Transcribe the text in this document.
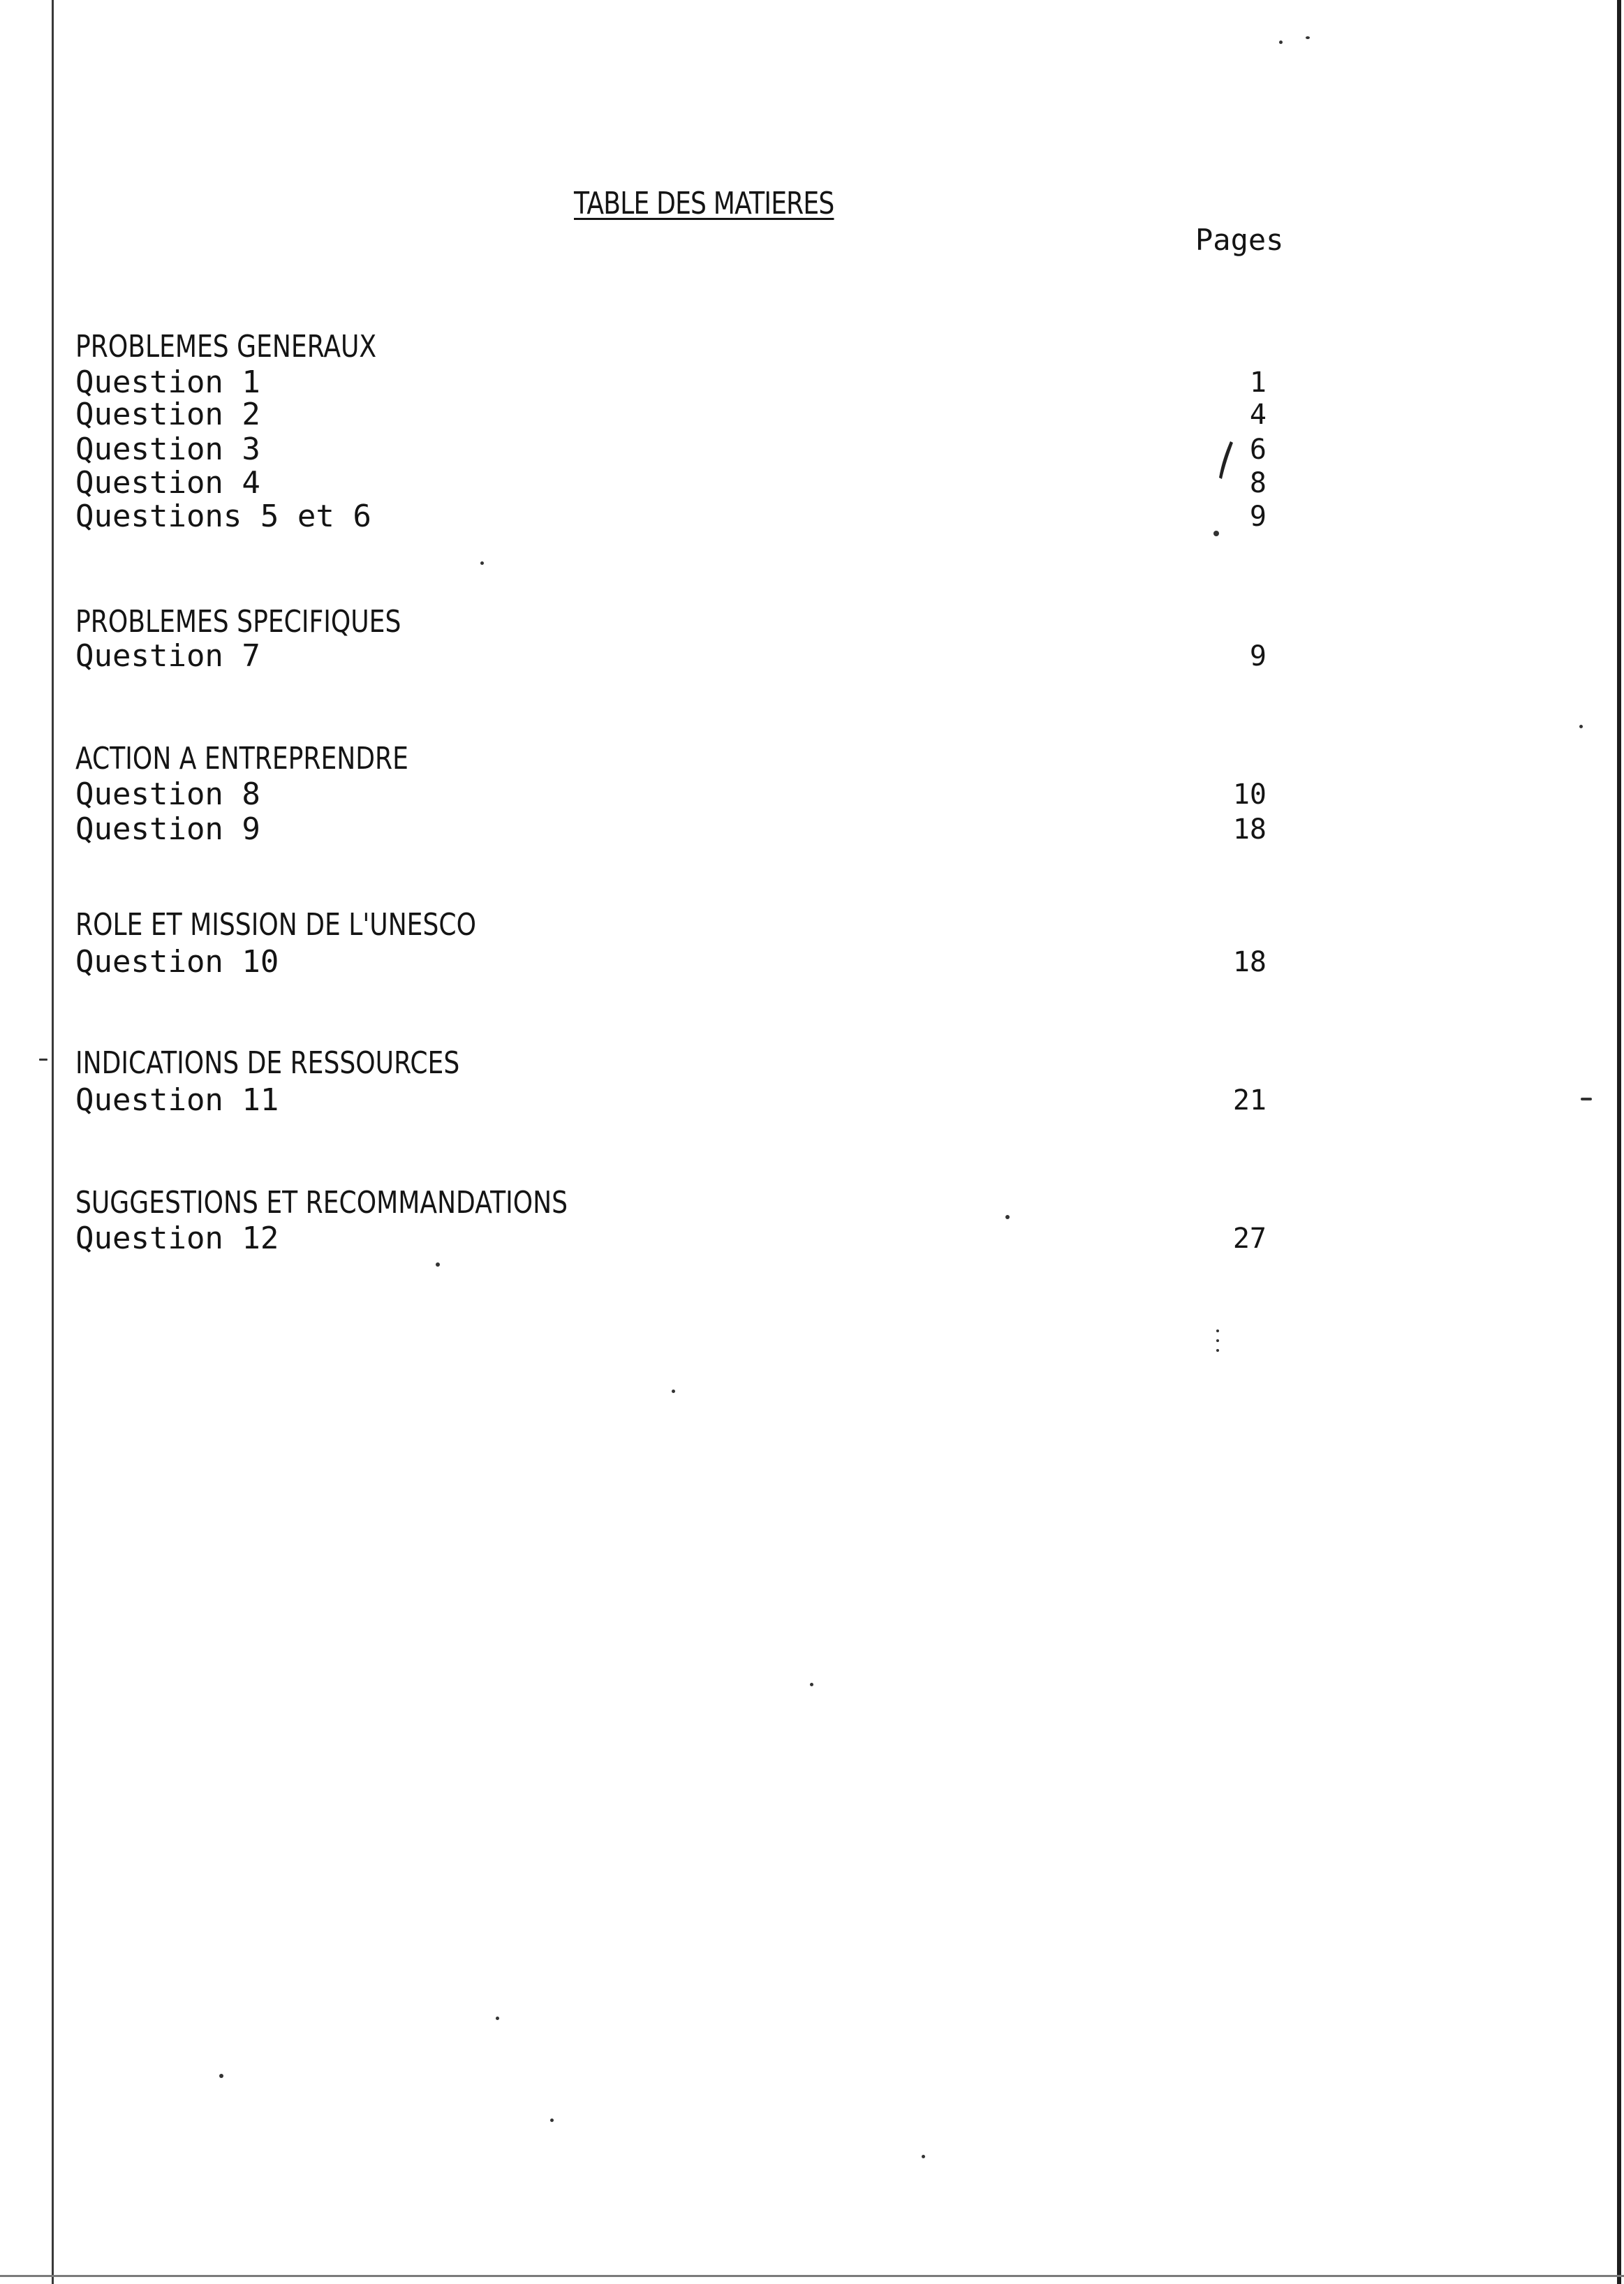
TABLE DES MATIERES
Pages
PROBLEMES GENERAUX
Question 1	1
Question 2	4
Question 3	6
Question 4	8
Questions 5 et 6	9
PROBLEMES SPECIFIQUES
Question 7	9
ACTION A ENTREPRENDRE
Question 8	10
Question 9	18
ROLE ET MISSION DE L'UNESCO
Question 10	18
INDICATIONS DE RESSOURCES
Question 11	21
SUGGESTIONS ET RECOMMANDATIONS
Question 12	27
